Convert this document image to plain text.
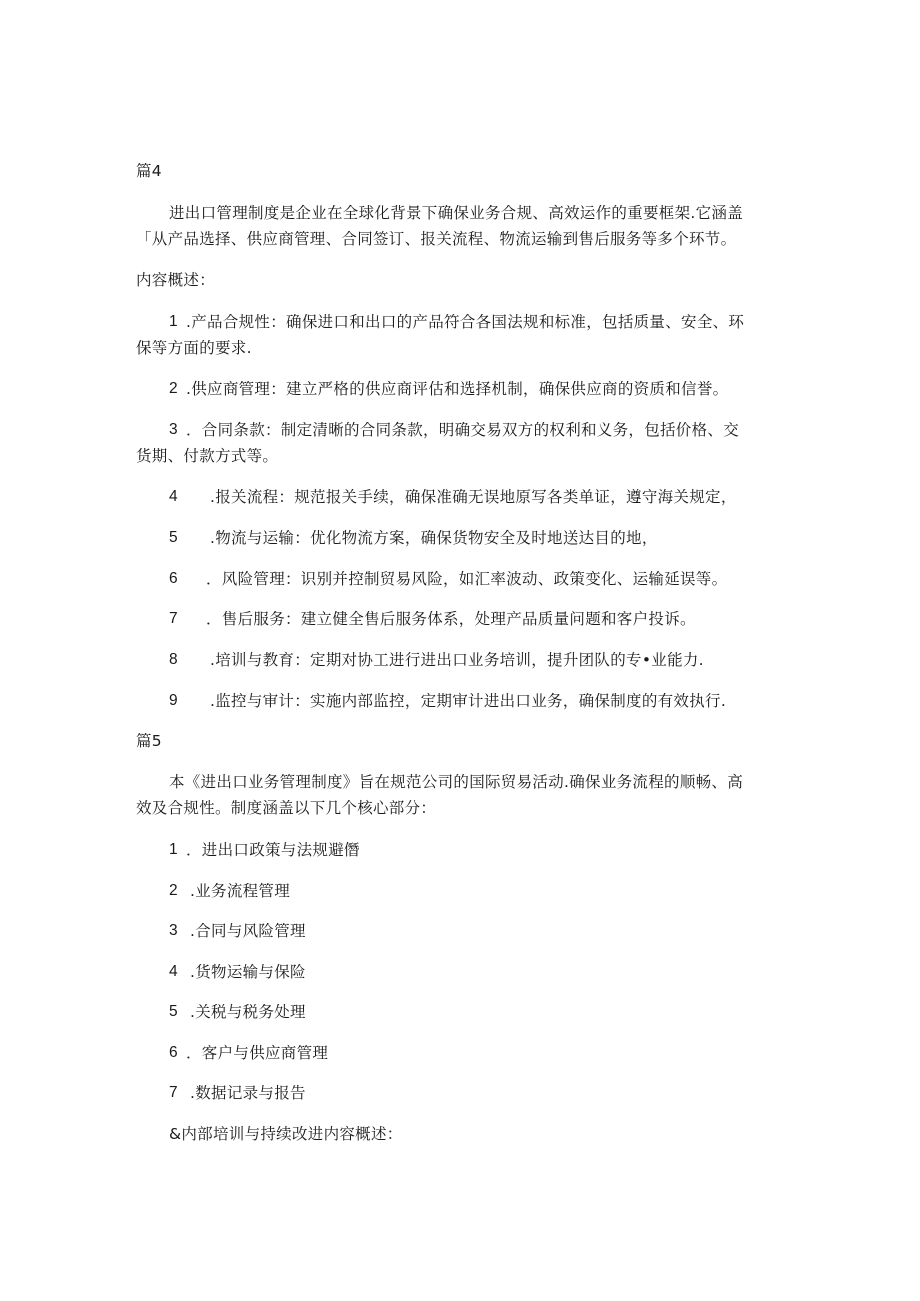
篇4
进出口管理制度是企业在全球化背景下确保业务合规、高效运作的重要框架.它涵盖
「从产品选择、供应商管理、合同签订、报关流程、物流运输到售后服务等多个环节。
内容概述：
1 .产品合规性：确保进口和出口的产品符合各国法规和标准，包括质量、安全、环
保等方面的要求.
2 .供应商管理：建立严格的供应商评估和选择机制，确保供应商的资质和信誉。
3 ．合同条款：制定清晰的合同条款，明确交易双方的权利和义务，包括价格、交
货期、付款方式等。
4 .报关流程：规范报关手续，确保准确无误地原写各类单证，遵守海关规定，
5 .物流与运输：优化物流方案，确保货物安全及时地送达目的地，
6 ．风险管理：识别并控制贸易风险，如汇率波动、政策变化、运输延误等。
7 ．售后服务：建立健全售后服务体系，处理产品质量问题和客户投诉。
8 .培训与教育：定期对协工进行进出口业务培训，提升团队的专•业能力.
9 .监控与审计：实施内部监控，定期审计进出口业务，确保制度的有效执行.
篇5
本《进出口业务管理制度》旨在规范公司的国际贸易活动.确保业务流程的顺畅、高
效及合规性。制度涵盖以下几个核心部分：
1 ．进出口政策与法规避僭
2 .业务流程管理
3 .合同与风险管理
4 .货物运输与保险
5 .关税与税务处理
6 ．客户与供应商管理
7 .数据记录与报告
&内部培训与持续改进内容概述：
